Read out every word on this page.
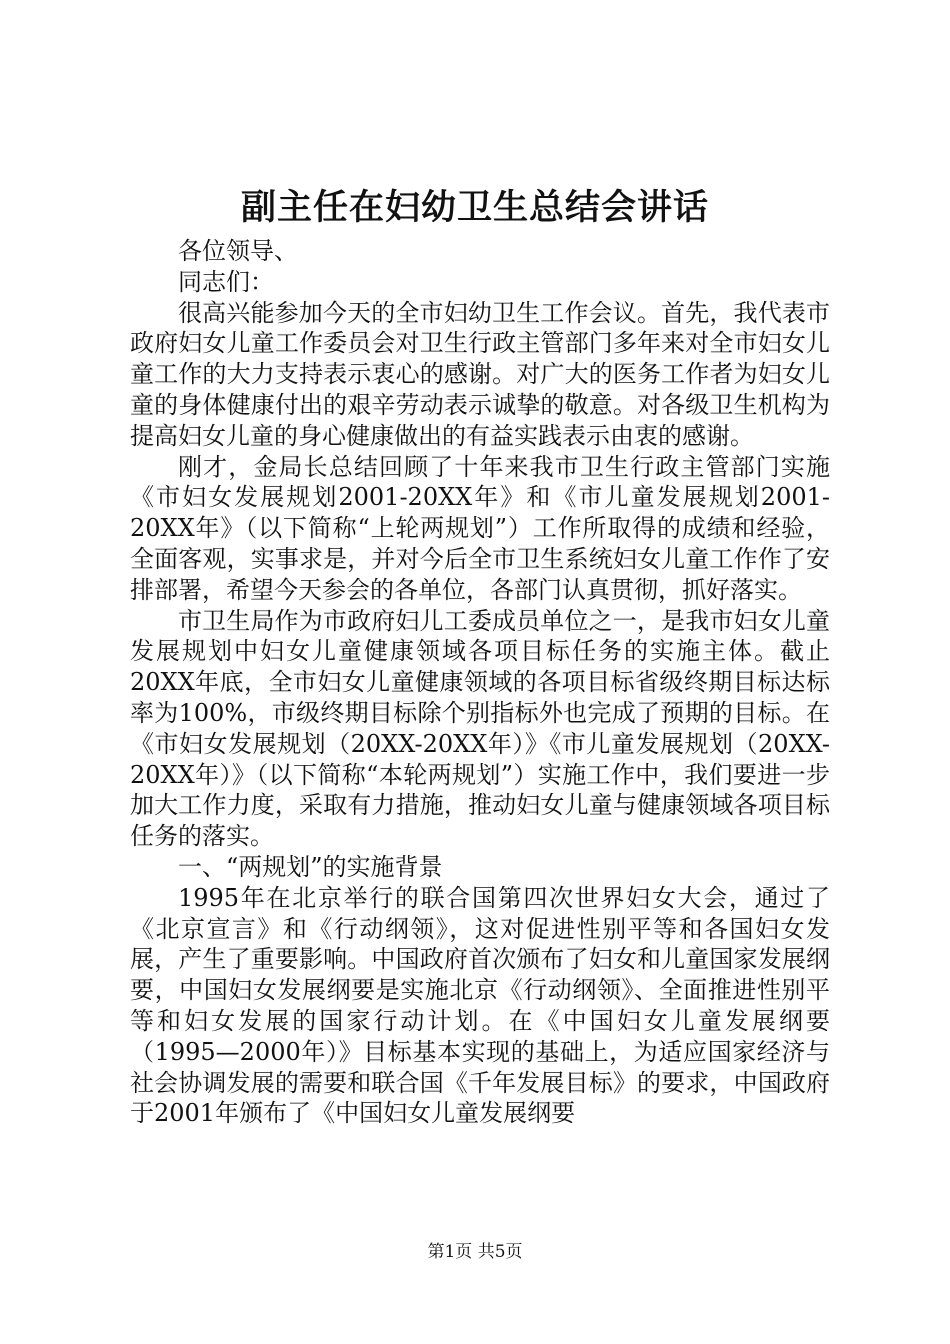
副主任在妇幼卫生总结会讲话

各位领导、

同志们：

很高兴能参加今天的全市妇幼卫生工作会议。首先，我代表市政府妇女儿童工作委员会对卫生行政主管部门多年来对全市妇女儿童工作的大力支持表示衷心的感谢。对广大的医务工作者为妇女儿童的身体健康付出的艰辛劳动表示诚挚的敬意。对各级卫生机构为提高妇女儿童的身心健康做出的有益实践表示由衷的感谢。

刚才，金局长总结回顾了十年来我市卫生行政主管部门实施《市妇女发展规划2001-20XX年》和《市儿童发展规划2001-20XX年》（以下简称“上轮两规划”）工作所取得的成绩和经验，全面客观，实事求是，并对今后全市卫生系统妇女儿童工作作了安排部署，希望今天参会的各单位，各部门认真贯彻，抓好落实。

市卫生局作为市政府妇儿工委成员单位之一，是我市妇女儿童发展规划中妇女儿童健康领域各项目标任务的实施主体。截止20XX年底，全市妇女儿童健康领域的各项目标省级终期目标达标率为100%，市级终期目标除个别指标外也完成了预期的目标。在《市妇女发展规划（20XX-20XX年）》《市儿童发展规划（20XX-20XX年）》（以下简称“本轮两规划”）实施工作中，我们要进一步加大工作力度，采取有力措施，推动妇女儿童与健康领域各项目标任务的落实。

一、“两规划”的实施背景

1995年在北京举行的联合国第四次世界妇女大会，通过了《北京宣言》和《行动纲领》，这对促进性别平等和各国妇女发展，产生了重要影响。中国政府首次颁布了妇女和儿童国家发展纲要，中国妇女发展纲要是实施北京《行动纲领》、全面推进性别平等和妇女发展的国家行动计划。在《中国妇女儿童发展纲要（1995—2000年）》目标基本实现的基础上，为适应国家经济与社会协调发展的需要和联合国《千年发展目标》的要求，中国政府于2001年颁布了《中国妇女儿童发展纲要

第1页 共5页
